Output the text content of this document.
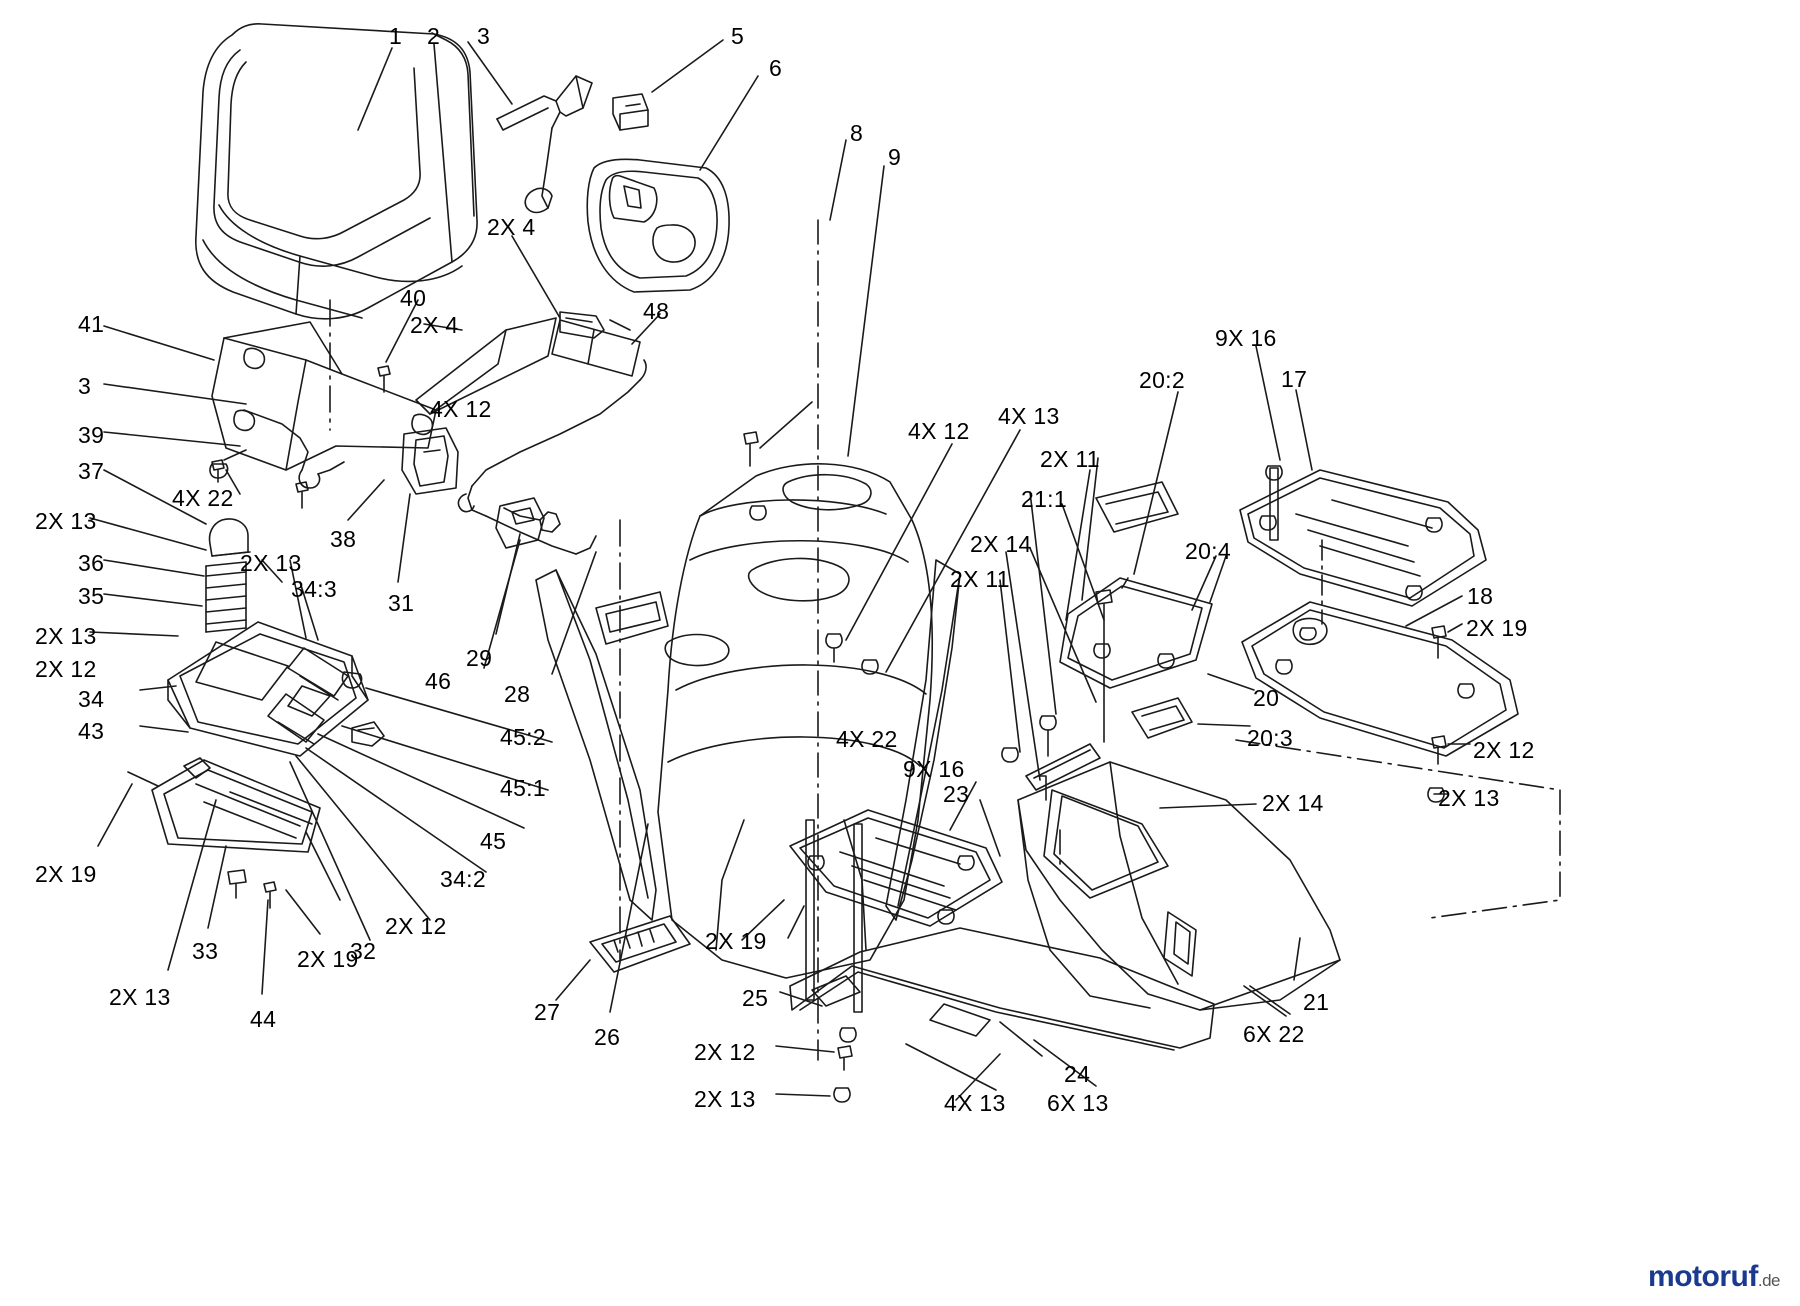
1 2 3	5
6
8
9
2X 4
40
2X 4
48
41
9X 16
20:2	17
3
4X 12
39	4X 12
4X 13
2X 11
37
21:1
4X 22
2X 13
20:4
2X 14
36	2X 13
38
2X 11
35	34:3
31	18
2X 13	2X 19
2X 12	29
46
34	28	20
43	20:3
45:2	4X 22	2X 12
9X 16
45:1	23	2X 13
2X 14
45
2X 19	34:2
2X 12
32
33	2X 19
2X 19
2X 13
44
25
27
26
21
6X 22
24
2X 12
2X 13	4X 13 6X 13
motoruf.de
